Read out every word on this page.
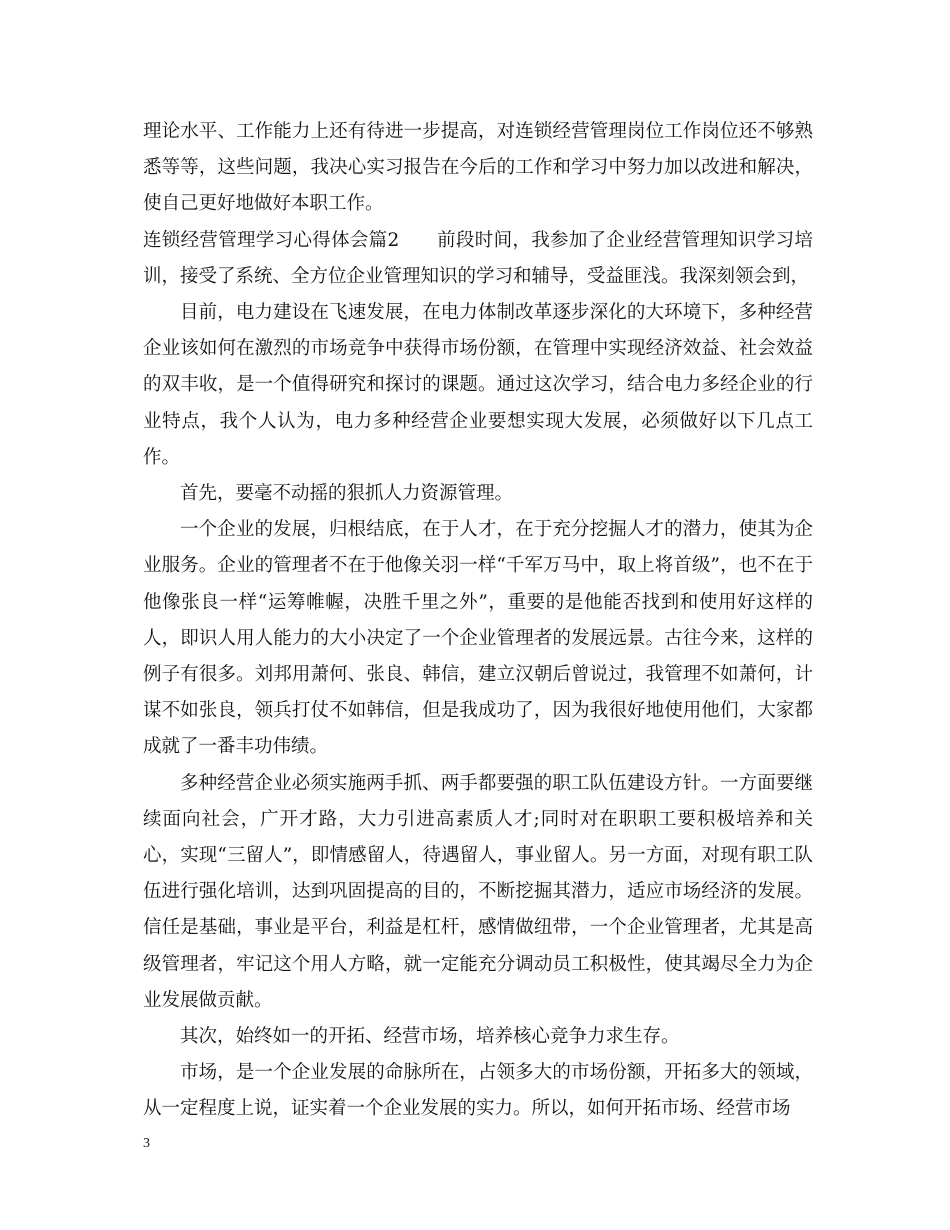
理论水平、工作能力上还有待进一步提高，对连锁经营管理岗位工作岗位还不够熟悉等等，这些问题，我决心实习报告在今后的工作和学习中努力加以改进和解决，使自己更好地做好本职工作。

连锁经营管理学习心得体会篇2　　前段时间，我参加了企业经营管理知识学习培训，接受了系统、全方位企业管理知识的学习和辅导，受益匪浅。我深刻领会到，

目前，电力建设在飞速发展，在电力体制改革逐步深化的大环境下，多种经营企业该如何在激烈的市场竞争中获得市场份额，在管理中实现经济效益、社会效益的双丰收，是一个值得研究和探讨的课题。通过这次学习，结合电力多经企业的行业特点，我个人认为，电力多种经营企业要想实现大发展，必须做好以下几点工作。

首先，要毫不动摇的狠抓人力资源管理。

一个企业的发展，归根结底，在于人才，在于充分挖掘人才的潜力，使其为企业服务。企业的管理者不在于他像关羽一样“千军万马中，取上将首级”，也不在于他像张良一样“运筹帷幄，决胜千里之外”，重要的是他能否找到和使用好这样的人，即识人用人能力的大小决定了一个企业管理者的发展远景。古往今来，这样的例子有很多。刘邦用萧何、张良、韩信，建立汉朝后曾说过，我管理不如萧何，计谋不如张良，领兵打仗不如韩信，但是我成功了，因为我很好地使用他们，大家都成就了一番丰功伟绩。

多种经营企业必须实施两手抓、两手都要强的职工队伍建设方针。一方面要继续面向社会，广开才路，大力引进高素质人才;同时对在职职工要积极培养和关心，实现“三留人”，即情感留人，待遇留人，事业留人。另一方面，对现有职工队伍进行强化培训，达到巩固提高的目的，不断挖掘其潜力，适应市场经济的发展。信任是基础，事业是平台，利益是杠杆，感情做纽带，一个企业管理者，尤其是高级管理者，牢记这个用人方略，就一定能充分调动员工积极性，使其竭尽全力为企业发展做贡献。

其次，始终如一的开拓、经营市场，培养核心竞争力求生存。

市场，是一个企业发展的命脉所在，占领多大的市场份额，开拓多大的领域，从一定程度上说，证实着一个企业发展的实力。所以，如何开拓市场、经营市场

3
